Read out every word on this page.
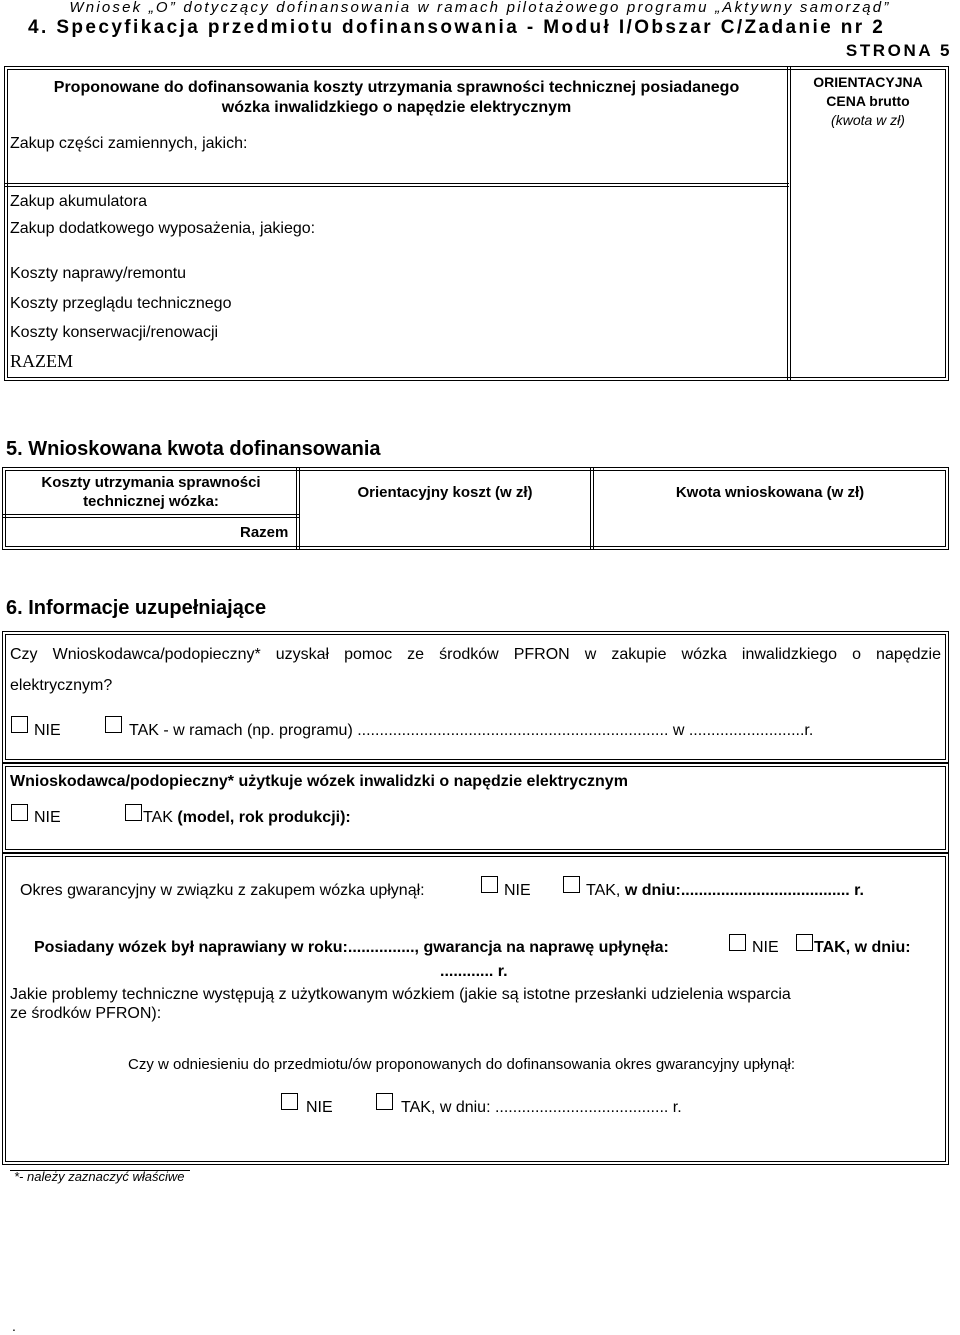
Wniosek „O” dotyczący dofinansowania w ramach pilotażowego programu „Aktywny samorząd”
4. Specyfikacja przedmiotu dofinansowania - Moduł I/Obszar C/Zadanie nr 2
STRONA 5
Proponowane do dofinansowania koszty utrzymania sprawności technicznej posiadanego
wózka inwalidzkiego o napędzie elektrycznym
ORIENTACYJNA
CENA brutto
(kwota w zł)
Zakup części zamiennych, jakich:
Zakup akumulatora
Zakup dodatkowego wyposażenia, jakiego:
Koszty naprawy/remontu
Koszty przeglądu technicznego
Koszty konserwacji/renowacji
RAZEM
5. Wnioskowana kwota dofinansowania
Koszty utrzymania sprawności
technicznej wózka:
Orientacyjny koszt (w zł)	Kwota wnioskowana (w zł)
Razem
6. Informacje uzupełniające
Czy Wnioskodawca/podopieczny* uzyskał pomoc ze środków PFRON w zakupie wózka inwalidzkiego o napędzie
elektrycznym?
NIE	TAK - w ramach (np. programu) ...................................................................... w ..........................r.
Wnioskodawca/podopieczny* użytkuje wózek inwalidzki o napędzie elektrycznym
NIE	TAK (model, rok produkcji):
Okres gwarancyjny w związku z zakupem wózka upłynął:	NIE	TAK, w dniu:...................................... r.
Posiadany wózek był naprawiany w roku:..............., gwarancja na naprawę upłynęła:	NIE TAK, w dniu:
............ r.
Jakie problemy techniczne występują z użytkowanym wózkiem (jakie są istotne przesłanki udzielenia wsparcia
ze środków PFRON):
Czy w odniesieniu do przedmiotu/ów proponowanych do dofinansowania okres gwarancyjny upłynął:
NIE	TAK, w dniu: ....................................... r.
*- należy zaznaczyć właściwe
.
